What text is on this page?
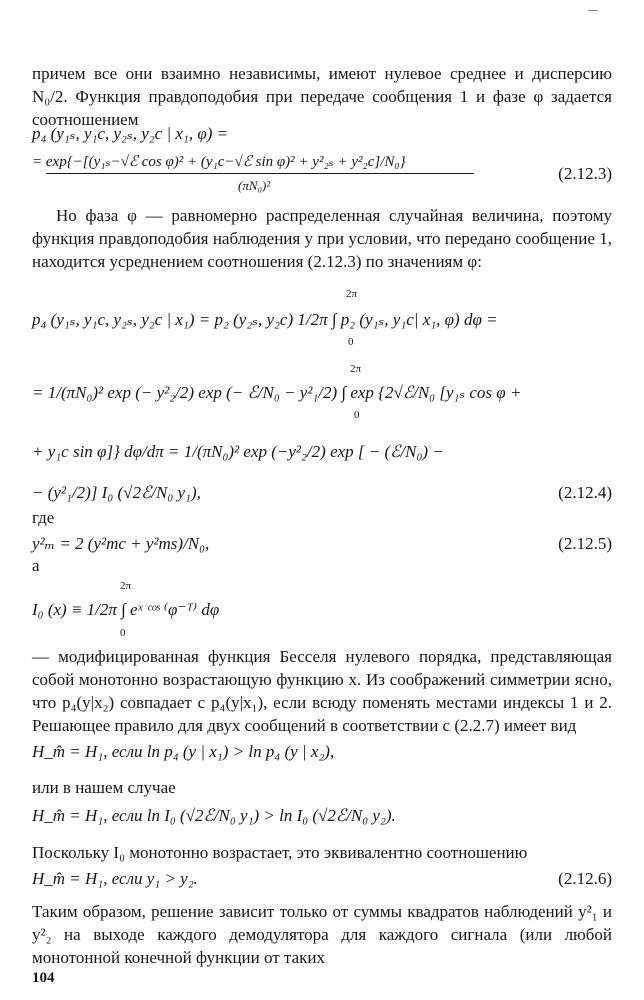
причем все они взаимно независимы, имеют нулевое среднее и дисперсию N₀/2. Функция правдоподобия при передаче сообщения 1 и фазе φ задается соотношением
p₄ (y₁ₛ, y₁c, y₂ₛ, y₂c | x₁, φ) =
= exp{−[(y₁ₛ−√ℰ cos φ)² + (y₁c−√ℰ sin φ)² + y²₂ₛ + y²₂c]/N₀}
(πN₀)²
(2.12.3)
Но фаза φ — равномерно распределенная случайная величина, поэтому функция правдоподобия наблюдения y при условии, что передано сообщение 1, находится усреднением соотношения (2.12.3) по значениям φ:
2π
p₄ (y₁ₛ, y₁c, y₂ₛ, y₂c | x₁) = p₂ (y₂ₛ, y₂c) 1/2π ∫ p₂ (y₁ₛ, y₁c| x₁, φ) dφ =
0
2π
= 1/(πN₀)² exp (− y²₂/2) exp (− ℰ/N₀ − y²₁/2) ∫ exp {2√ℰ/N₀ [y₁ₛ cos φ +
0
+ y₁c sin φ]} dφ/dπ = 1/(πN₀)² exp (−y²₂/2) exp [ − (ℰ/N₀) −
− (y²₁/2)] I₀ (√2ℰ/N₀ y₁),	(2.12.4)
где
y²ₘ = 2 (y²mc + y²ms)/N₀,	(2.12.5)
а
2π
I₀ (x) ≡ 1/2π ∫ eˣ ᶜᵒˢ ⁽φ⁻ᵀ⁾ dφ
0
— модифицированная функция Бесселя нулевого порядка, представляющая собой монотонно возрастающую функцию x. Из соображений симметрии ясно, что p₄(y|x₂) совпадает с p₄(y|x₁), если всюду поменять местами индексы 1 и 2. Решающее правило для двух сообщений в соответствии с (2.2.7) имеет вид
H_m̂ = H₁, если ln p₄ (y | x₁) > ln p₄ (y | x₂),
или в нашем случае
H_m̂ = H₁, если ln I₀ (√2ℰ/N₀ y₁) > ln I₀ (√2ℰ/N₀ y₂).
Поскольку I₀ монотонно возрастает, это эквивалентно соотношению
H_m̂ = H₁, если y₁ > y₂.	(2.12.6)
Таким образом, решение зависит только от суммы квадратов наблюдений y²₁ и y²₂ на выходе каждого демодулятора для каждого сигнала (или любой монотонной конечной функции от таких
104
